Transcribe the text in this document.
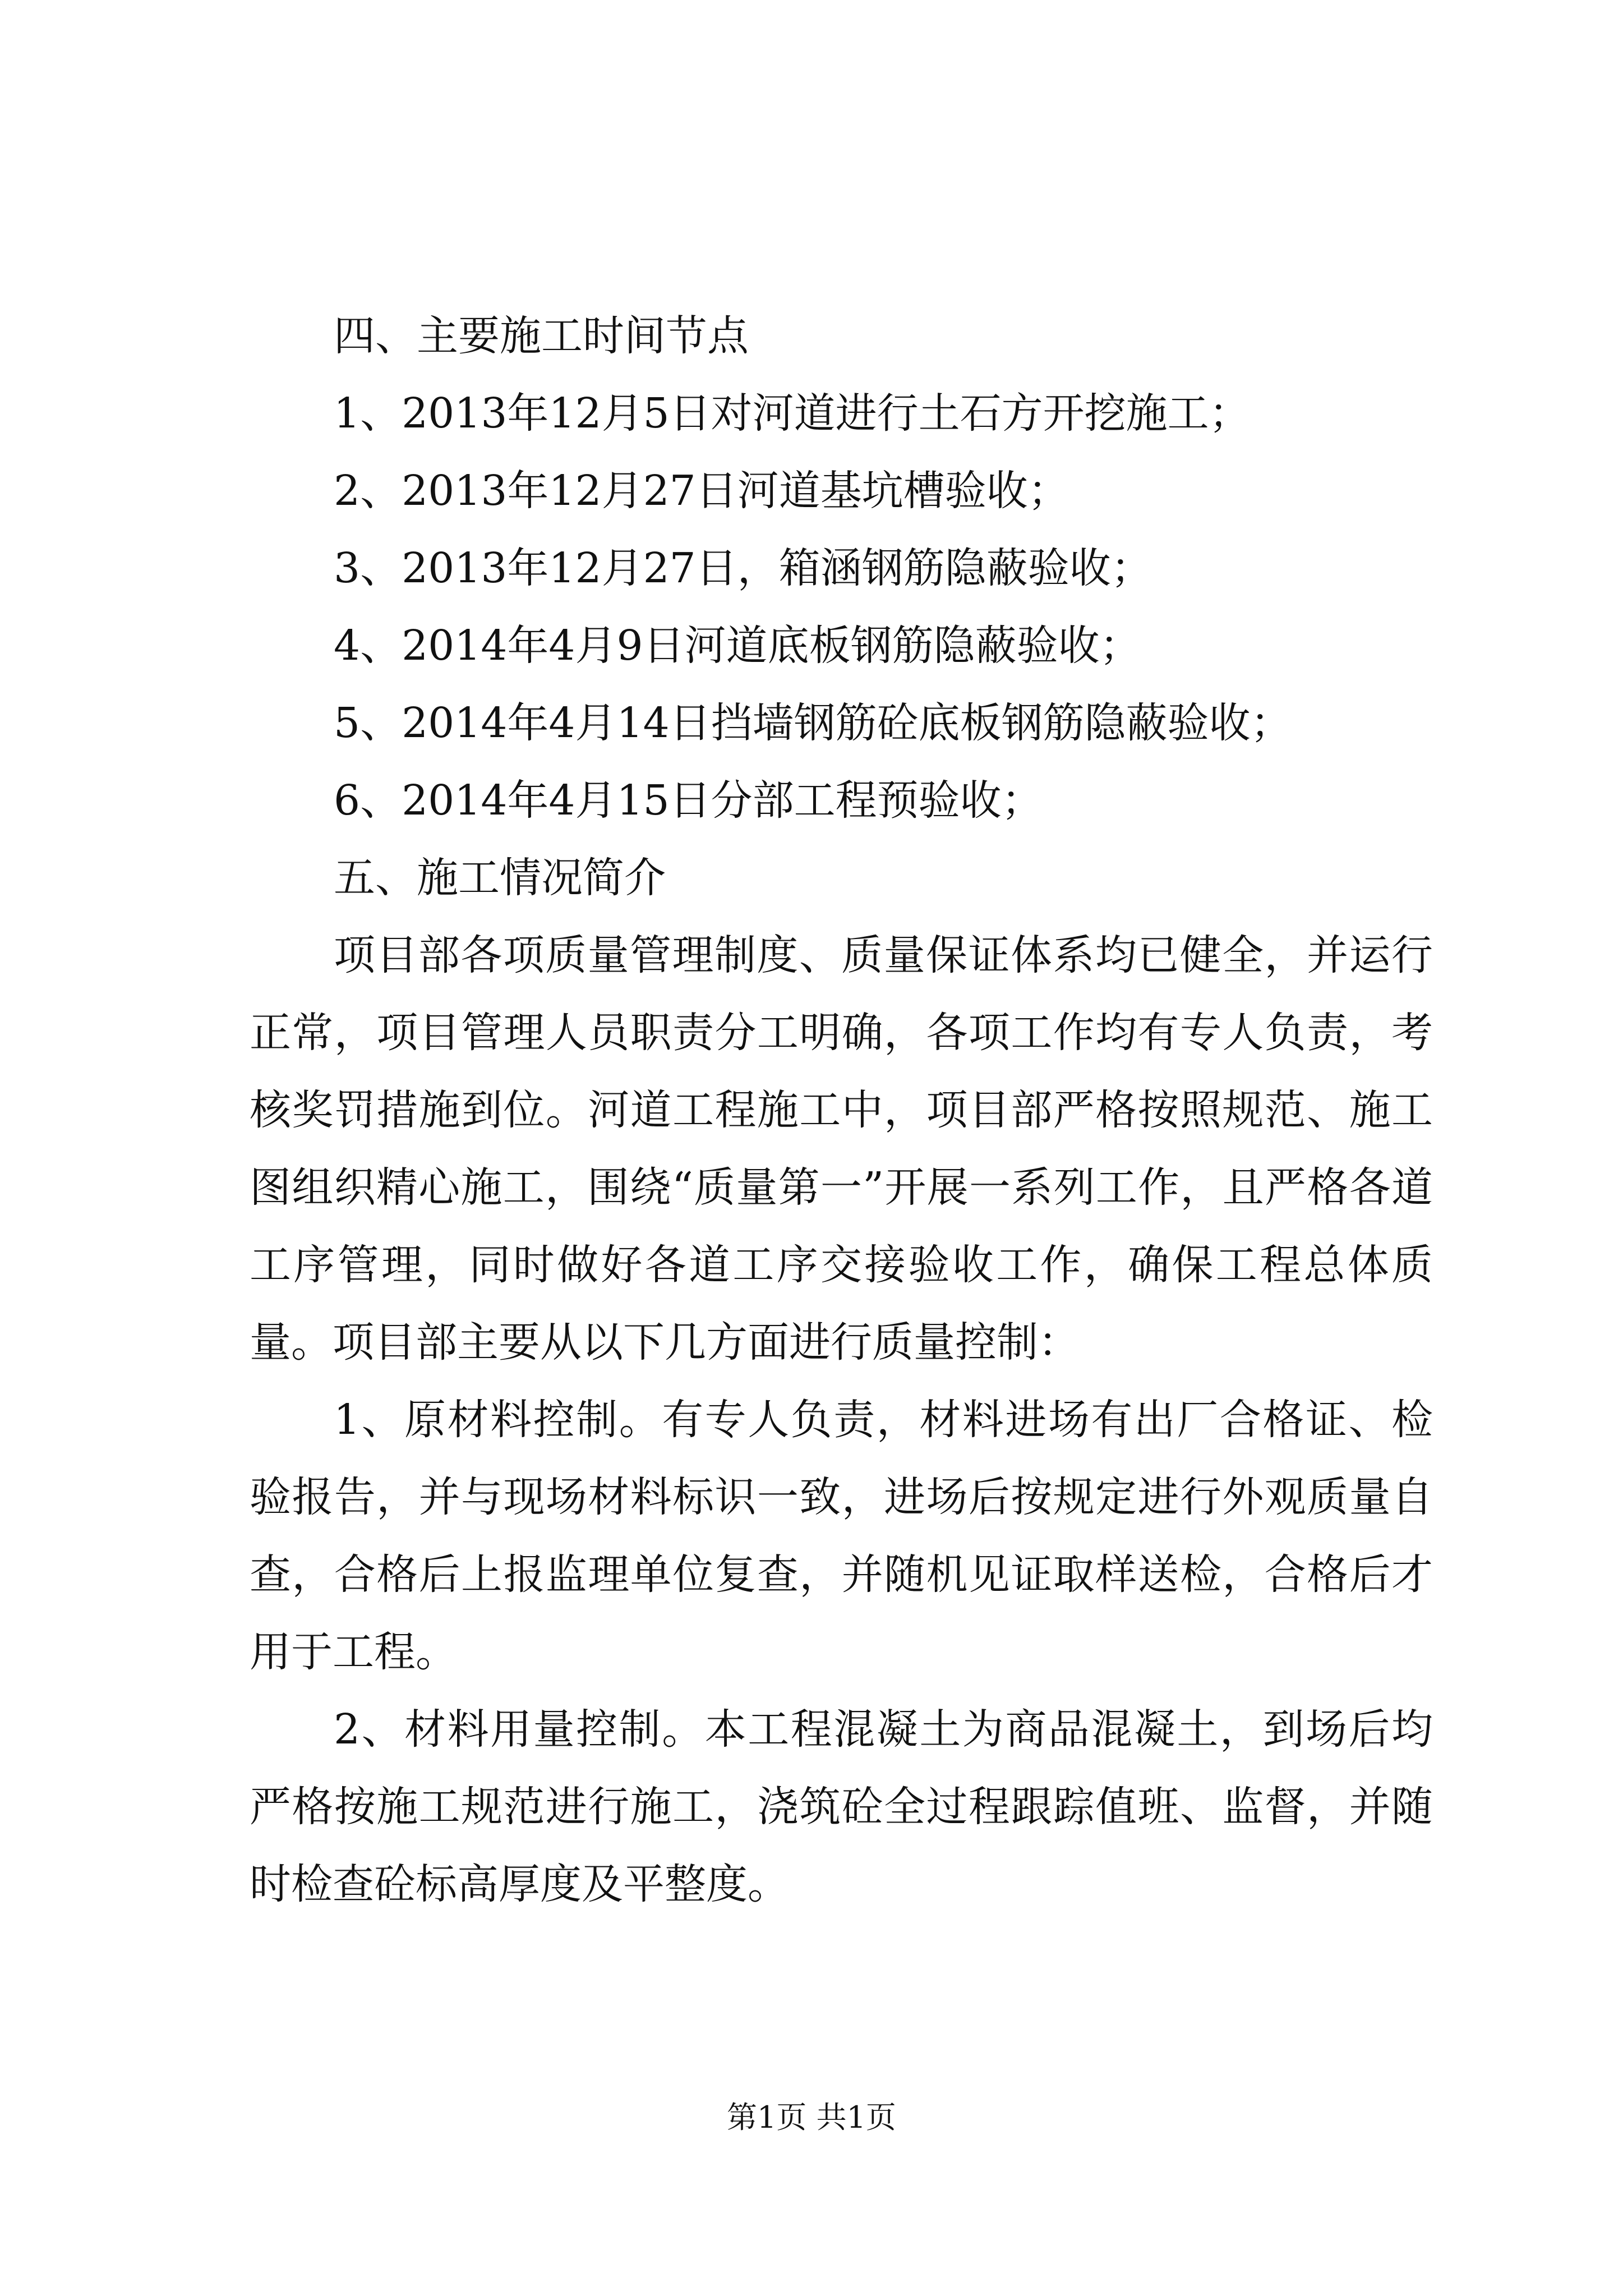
四、主要施工时间节点

1、2013年12月5日对河道进行土石方开挖施工；

2、2013年12月27日河道基坑槽验收；

3、2013年12月27日，箱涵钢筋隐蔽验收；

4、2014年4月9日河道底板钢筋隐蔽验收；

5、2014年4月14日挡墙钢筋砼底板钢筋隐蔽验收；

6、2014年4月15日分部工程预验收；

五、施工情况简介

项目部各项质量管理制度、质量保证体系均已健全，并运行正常，项目管理人员职责分工明确，各项工作均有专人负责，考核奖罚措施到位。河道工程施工中，项目部严格按照规范、施工图组织精心施工，围绕“质量第一”开展一系列工作，且严格各道工序管理，同时做好各道工序交接验收工作，确保工程总体质量。项目部主要从以下几方面进行质量控制：

1、原材料控制。有专人负责，材料进场有出厂合格证、检验报告，并与现场材料标识一致，进场后按规定进行外观质量自查，合格后上报监理单位复查，并随机见证取样送检，合格后才用于工程。

2、材料用量控制。本工程混凝土为商品混凝土，到场后均严格按施工规范进行施工，浇筑砼全过程跟踪值班、监督，并随时检查砼标高厚度及平整度。

第1页 共1页
